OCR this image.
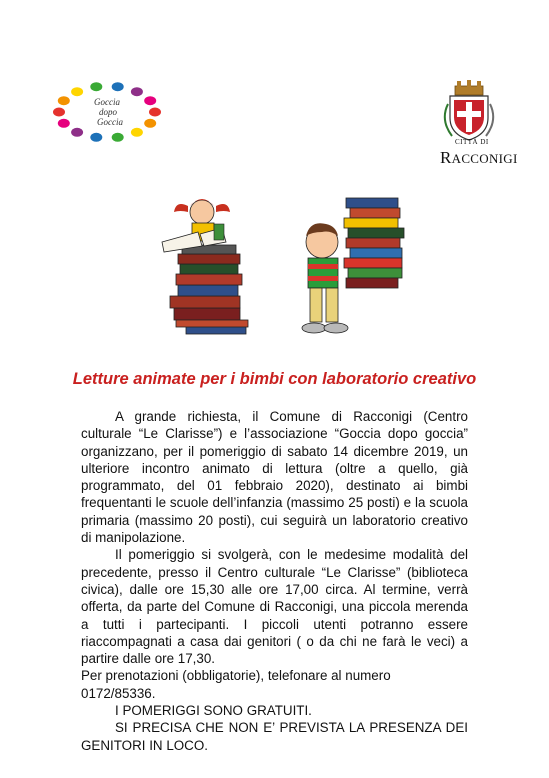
Goccia
dopo
Goccia
CITTÀ DI
RACCONIGI
Letture animate per i bimbi con laboratorio creativo

A grande richiesta, il Comune di Racconigi (Centro culturale “Le Clarisse”) e l’associazione “Goccia dopo goccia” organizzano, per il pomeriggio di sabato 14 dicembre 2019, un ulteriore incontro animato di lettura (oltre a quello, già programmato, del 01 febbraio 2020), destinato ai bimbi frequentanti le scuole dell’infanzia (massimo 25 posti) e la scuola primaria (massimo 20 posti), cui seguirà un laboratorio creativo di manipolazione.

Il pomeriggio si svolgerà, con le medesime modalità del precedente, presso il Centro culturale “Le Clarisse” (biblioteca civica), dalle ore 15,30 alle ore 17,00 circa. Al termine, verrà offerta, da parte del Comune di Racconigi, una piccola merenda a tutti i partecipanti. I piccoli utenti potranno essere riaccompagnati a casa dai genitori ( o da chi ne farà le veci) a partire dalle ore 17,30.

Per prenotazioni (obbligatorie), telefonare al numero 0172/85336.

I POMERIGGI SONO GRATUITI.

SI PRECISA CHE NON E’ PREVISTA LA PRESENZA DEI GENITORI IN LOCO.
